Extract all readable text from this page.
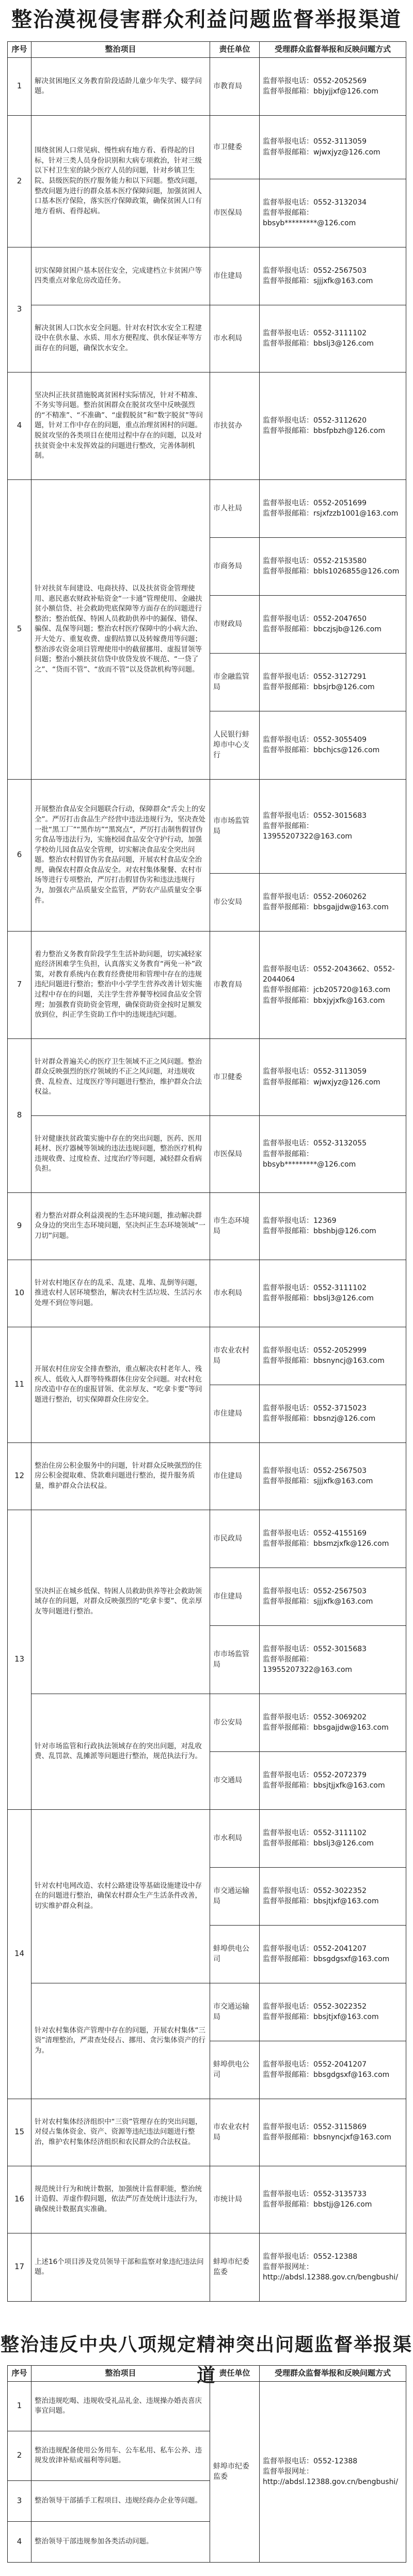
整治漠视侵害群众利益问题监督举报渠道
序号	整治项目	责任单位	受理群众监督举报和反映问题方式
1	解决贫困地区义务教育阶段适龄儿童少年失学、辍学问题。	市教育局	监督举报电话：0552-2052569
监督举报邮箱：bbjyjjxf@126.com
2	围绕贫困人口常见病、慢性病有地方看、看得起的目标，针对三类人员身份识别和大病专项救治，针对三级以下村卫生室的缺少医疗人员的问题，针对乡镇卫生院、县级医院的医疗服务能力和以下问题。整改问题，整改问题为进行的群众基本医疗保障问题，加强贫困人口基本医疗保险，落实医疗保障政策，确保贫困人口有地方看病、看得起病。	市卫健委	监督举报电话：0552-3113059
监督举报邮箱：wjwxjyz@126.com
		市医保局	监督举报电话：0552-3132034
监督举报邮箱：bbsyb*********@126.com
3	切实保障贫困户基本居住安全，完成建档立卡贫困户等四类重点对象危房改造任务。	市住建局	监督举报电话：0552-2567503
监督举报邮箱：sjjjxfk@163.com
	解决贫困人口饮水安全问题。针对农村饮水安全工程建设中在供水量、水质、用水方便程度、供水保证率等方面存在的问题，确保饮水安全。	市水利局	监督举报电话：0552-3111102
监督举报邮箱：bbslj3@126.com
4	坚决纠正扶贫措施脱离贫困村实际情况，针对不精准、不务实等问题。整治贫困群众在脱贫攻坚中反映强烈的“不精准”、“不准确”、“虚假脱贫”和“数字脱贫”等问题，针对工作中存在的问题，重点治理贫困村的问题。脱贫攻坚的各类项目在使用过程中存在的问题，以及对扶贫资金中未发挥效益的问题进行整改，完善体制机制。	市扶贫办	监督举报电话：0552-3112620
监督举报邮箱：bbsfpbzh@126.com
5	针对扶贫车间建设、电商扶持、以及扶贫资金管理使用、惠民惠农财政补贴资金“一卡通”管理使用、金融扶贫小额信贷、社会救助兜底保障等方面存在的问题进行整治；整治低保、特困人员救助供养中的漏保、错保、骗保、乱保等问题；整治农村医疗保障中的小病大治、开大处方、重复收费、虚假结算以及转嫁费用等问题；整治涉农资金项目管理使用中的截留挪用、虚报冒领等问题；整治小额扶贫信贷中放贷发放不规范、“一贷了之”、“贷而不管”、“放而不管”以及贷款机构等问题。	市人社局	监督举报电话：0552-2051699
监督举报邮箱：rsjxfzzb1001@163.com
		市商务局	监督举报电话：0552-2153580
监督举报邮箱：bbls1026855@126.com
		市财政局	监督举报电话：0552-2047650
监督举报邮箱：bbczjsjb@126.com
		市金融监管局	监督举报电话：0552-3127291
监督举报邮箱：bbsjrb@126.com
		人民银行蚌埠市中心支行	监督举报电话：0552-3055409
监督举报邮箱：bbchjcs@126.com
6	开展整治食品安全问题联合行动，保障群众“舌尖上的安全”。严厉打击食品生产经营中违法违规行为，坚决查处一批“黑工厂”“黑作坊”“黑窝点”，严厉打击制售假冒伪劣食品等违法行为，实施校园食品安全守护行动，加强学校幼儿园食品安全管理，切实解决食品安全突出问题。整治农村假冒伪劣食品问题，开展农村食品安全治理，确保农村群众食品安全。对农村集体聚餐、农村市场等进行专项整治，严厉打击假冒伪劣和违法违规行为，加强农产品质量安全监管，严防农产品质量安全事件。	市市场监管局	监督举报电话：0552-3015683
监督举报邮箱：13955207322@163.com
		市公安局	监督举报电话：0552-2060262
监督举报邮箱：bbsgajjdw@163.com
7	着力整治义务教育阶段学生生活补助问题，切实减轻家庭经济困难学生负担，认真落实义务教育“两免一补”政策，对教育系统内在教育经费使用和管理中存在的违规违纪问题进行整治；整治中小学学生营养改善计划实施过程中存在的问题，关注学生营养餐等校园食品安全管理；加强教育资助资金管理，确保资助资金按时足额发放到位，纠正学生资助工作中的违规违纪问题。	市教育局	监督举报电话：0552-2043662、0552-2044064
监督举报邮箱：jcb205720@163.com
监督举报邮箱：bbxjyjxfk@163.com
8	针对群众普遍关心的医疗卫生领域不正之风问题。整治群众反映强烈的医疗领域的不正之风问题，对违规收费、乱检查、过度医疗等问题进行整治，维护群众合法权益。	市卫健委	监督举报电话：0552-3113059
监督举报邮箱：wjwxjyz@126.com
	针对健康扶贫政策实施中存在的突出问题，医药、医用耗材、医疗器械等领域的违法违规问题，整治医疗机构违规收费、过度检查、过度治疗等问题，减轻群众看病负担。	市医保局	监督举报电话：0552-3132055
监督举报邮箱：bbsyb*********@126.com
9	着力整治对群众利益漠视的生态环境问题，推动解决群众身边的突出生态环境问题，坚决纠正生态环境领域“一刀切”问题。	市生态环境局	监督举报电话：12369
监督举报邮箱：bbshbj@126.com
10	针对农村地区存在的乱采、乱建、乱堆、乱倒等问题，推进农村人居环境整治，解决农村生活垃圾、生活污水处理不到位等问题。	市水利局	监督举报电话：0552-3111102
监督举报邮箱：bbslj3@126.com
11	开展农村住房安全排查整治，重点解决农村老年人、残疾人、低收入人群等特殊群体住房安全问题。对农村危房改造中存在的虚报冒领、优亲厚友、“吃拿卡要”等问题进行整治，切实保障群众住房安全。	市农业农村局	监督举报电话：0552-2052999
监督举报邮箱：bbsnyncj@163.com
		市住建局	监督举报电话：0552-3715023
监督举报邮箱：bbsnzj@126.com
12	整治住房公积金服务中的问题，针对群众反映强烈的住房公积金提取难、贷款难问题进行整治，提升服务质量，维护群众合法权益。	市住建局	监督举报电话：0552-2567503
监督举报邮箱：sjjjxfk@163.com
13	坚决纠正在城乡低保、特困人员救助供养等社会救助领域存在的问题，对群众反映强烈的“吃拿卡要”、优亲厚友等问题进行整治。	市民政局	监督举报电话：0552-4155169
监督举报邮箱：bbsmzjxfk@126.com
		市住建局	监督举报电话：0552-2567503
监督举报邮箱：sjjjxfk@163.com
		市市场监管局	监督举报电话：0552-3015683
监督举报邮箱：13955207322@163.com
	针对市场监管和行政执法领域存在的突出问题，对乱收费、乱罚款、乱摊派等问题进行整治，规范执法行为。	市公安局	监督举报电话：0552-3069202
监督举报邮箱：bbsgajjdw@163.com
		市交通局	监督举报电话：0552-2072379
监督举报邮箱：bbsjtjjxfk@163.com
14	针对农村电网改造、农村公路建设等基础设施建设中存在的问题进行整治，确保农村群众生产生活条件改善，切实维护群众利益。	市水利局	监督举报电话：0552-3111102
监督举报邮箱：bbslj3@126.com
		市交通运输局	监督举报电话：0552-3022352
监督举报邮箱：bbsjtjxf@163.com
		蚌埠供电公司	监督举报电话：0552-2041207
监督举报邮箱：bbsgdgsxf@163.com
	针对农村集体资产管理中存在的问题，开展农村集体“三资”清理整治，严肃查处侵占、挪用、贪污集体资产的行为。	市交通运输局	监督举报电话：0552-3022352
监督举报邮箱：bbsjtjxf@163.com
		蚌埠供电公司	监督举报电话：0552-2041207
监督举报邮箱：bbsgdgsxf@163.com
15	针对农村集体经济组织中“三资”管理存在的突出问题，对侵占集体资金、资产、资源等违纪违法问题进行整治，维护农村集体经济组织和农民群众的合法权益。	市农业农村局	监督举报电话：0552-3115869
监督举报邮箱：bbsnyncjxf@163.com
16	规范统计行为和统计数据，加强统计监督职能，整治统计造假、弄虚作假问题，依法严厉查处统计违法行为，确保统计数据真实准确。	市统计局	监督举报电话：0552-3135733
监督举报邮箱：bbstjj@126.com
17	上述16个项目涉及党员领导干部和监察对象违纪违法问题。	蚌埠市纪委监委	监督举报电话：0552-12388
监督举报网址：http://abdsl.12388.gov.cn/bengbushi/
整治违反中央八项规定精神突出问题监督举报渠道
序号	整治项目	责任单位	受理群众监督举报和反映问题方式
1	整治违规吃喝、违规收受礼品礼金、违规操办婚丧喜庆事宜问题。	蚌埠市纪委监委	监督举报电话：0552-12388
监督举报网址：http://abdsl.12388.gov.cn/bengbushi/
2	整治违规配备使用公务用车、公车私用、私车公养、违规发放津补贴或福利等问题。		
3	整治领导干部插手工程项目、违规经商办企业等问题。		
4	整治领导干部违规参加各类活动问题。		
